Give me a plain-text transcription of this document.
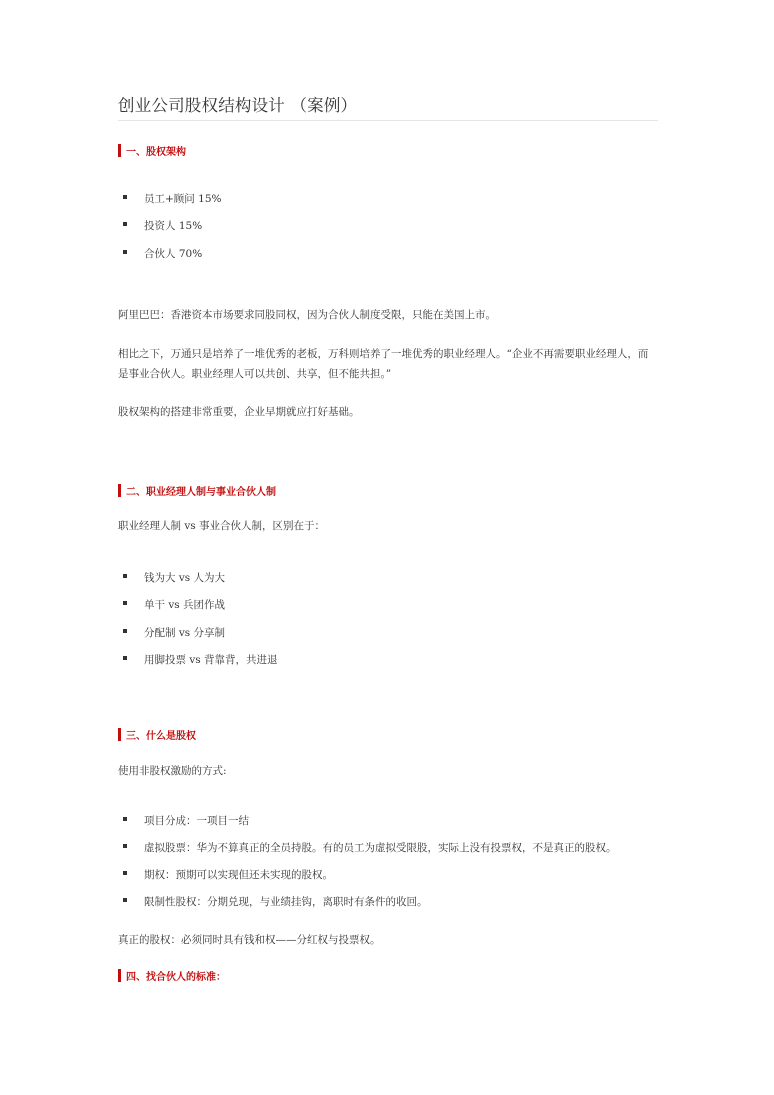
创业公司股权结构设计 （案例）
一、股权架构
员工+顾问 15%
投资人 15%
合伙人 70%
阿里巴巴：香港资本市场要求同股同权，因为合伙人制度受限，只能在美国上市。
相比之下，万通只是培养了一堆优秀的老板，万科则培养了一堆优秀的职业经理人。“企业不再需要职业经理人，而是事业合伙人。职业经理人可以共创、共享，但不能共担。”
股权架构的搭建非常重要，企业早期就应打好基础。
二、职业经理人制与事业合伙人制
职业经理人制 vs 事业合伙人制，区别在于：
钱为大 vs 人为大
单干 vs 兵团作战
分配制 vs 分享制
用脚投票 vs 背靠背，共进退
三、什么是股权
使用非股权激励的方式:
项目分成：一项目一结
虚拟股票：华为不算真正的全员持股。有的员工为虚拟受限股，实际上没有投票权，不是真正的股权。
期权：预期可以实现但还未实现的股权。
限制性股权：分期兑现，与业绩挂钩，离职时有条件的收回。
真正的股权：必须同时具有钱和权——分红权与投票权。
四、找合伙人的标准：
